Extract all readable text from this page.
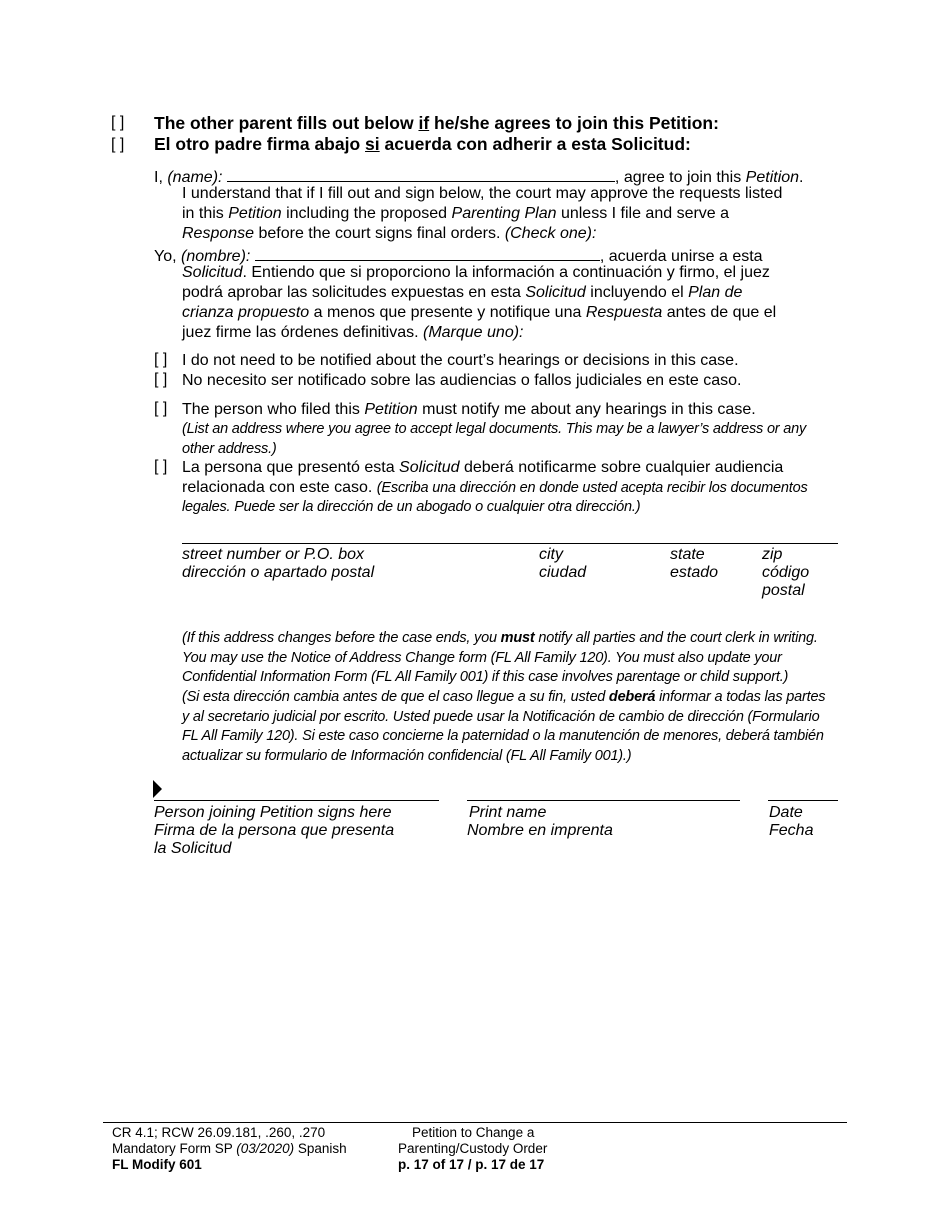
[ ]
[ ]
The other parent fills out below if he/she agrees to join this Petition:
El otro padre firma abajo si acuerda con adherir a esta Solicitud:
I, (name):	, agree to join this Petition.
I understand that if I fill out and sign below, the court may approve the requests listed
in this Petition including the proposed Parenting Plan unless I file and serve a
Response before the court signs final orders. (Check one):
Yo, (nombre):	, acuerda unirse a esta
Solicitud. Entiendo que si proporciono la información a continuación y firmo, el juez
podrá aprobar las solicitudes expuestas en esta Solicitud incluyendo el Plan de
crianza propuesto a menos que presente y notifique una Respuesta antes de que el
juez firme las órdenes definitivas. (Marque uno):
[ ]
[ ]
I do not need to be notified about the court’s hearings or decisions in this case.
No necesito ser notificado sobre las audiencias o fallos judiciales en este caso.
[ ] The person who filed this Petition must notify me about any hearings in this case.
(List an address where you agree to accept legal documents. This may be a lawyer’s address or any
other address.)
[ ] La persona que presentó esta Solicitud deberá notificarme sobre cualquier audiencia
relacionada con este caso. (Escriba una dirección en donde usted acepta recibir los documentos
legales. Puede ser la dirección de un abogado o cualquier otra dirección.)
street number or P.O. box
dirección o apartado postal
city
ciudad
state
estado
zip
código
postal
(If this address changes before the case ends, you must notify all parties and the court clerk in writing.
You may use the Notice of Address Change form (FL All Family 120). You must also update your
Confidential Information Form (FL All Family 001) if this case involves parentage or child support.)
(Si esta dirección cambia antes de que el caso llegue a su fin, usted deberá informar a todas las partes
y al secretario judicial por escrito. Usted puede usar la Notificación de cambio de dirección (Formulario
FL All Family 120). Si este caso concierne la paternidad o la manutención de menores, deberá también
actualizar su formulario de Información confidencial (FL All Family 001).)
Person joining Petition signs here
Firma de la persona que presenta
la Solicitud
Print name
Nombre en imprenta
Date
Fecha
CR 4.1; RCW 26.09.181, .260, .270
Mandatory Form SP (03/2020) Spanish
FL Modify 601
Petition to Change a
Parenting/Custody Order
p. 17 of 17 / p. 17 de 17
